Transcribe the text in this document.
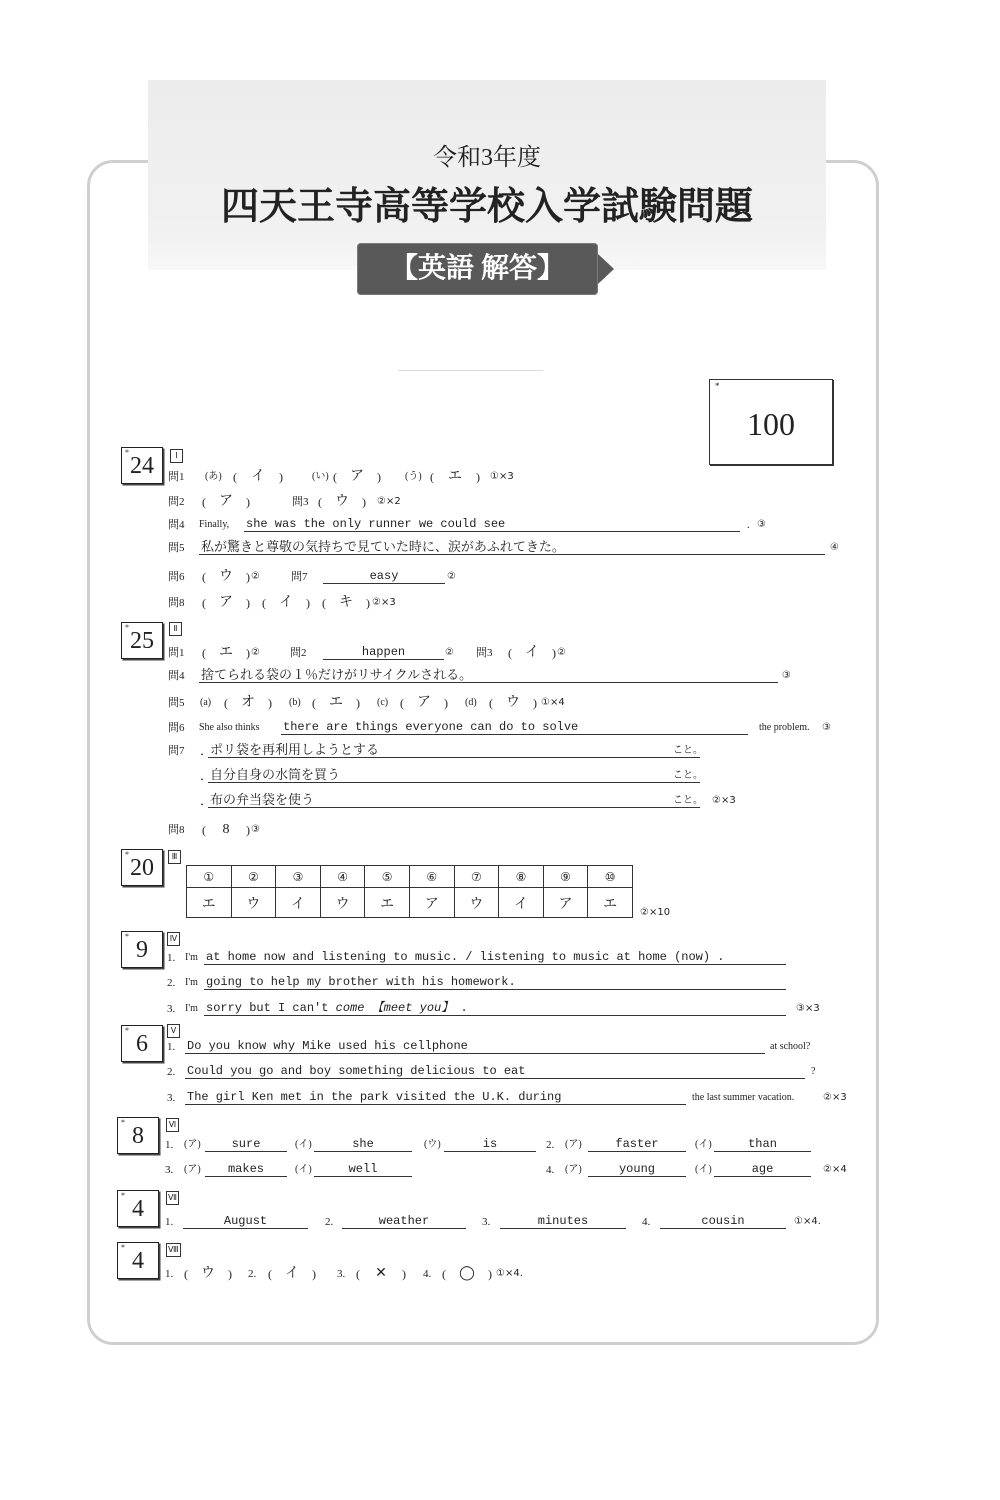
令和3年度
四天王寺高等学校入学試験問題
【英語 解答】
*
100
*
24	Ⅰ
問1 (あ)	( イ )	(い)	( ア )	(う)	( エ )	①×3
問2	( ア )	問3	( ウ )	②×2
問4 Finally, she was the only runner we could see	. ③
問5 私が驚きと尊敬の気持ちで見ていた時に、涙があふれてきた。	④
問6	( ウ )	②	問7	easy	②
問8	( ア )	( イ )	( キ )	②×3
*
25	Ⅱ
問1	( エ )	②	問2	happen	② 問3	( イ )	②
問4 捨てられる袋の１％だけがリサイクルされる。	③
問5 (a)	( オ )	(b)	( エ )	(c)	( ア )	(d)	( ウ )	①×4
問6 She also thinks there are things everyone can do to solve	the problem. ③
問7 ．
ポリ袋を再利用しようとする	こと。
．
自分自身の水筒を買う	こと。
．
布の弁当袋を使う	こと。 ②×3
問8	( 8 )	③
*
20	Ⅲ
①	②	③	④	⑤	⑥	⑦	⑧	⑨	⑩
エ	ウ	イ	ウ	エ	ア	ウ	イ	ア	エ
②×10
*
9	Ⅳ
1. I'm at home now and listening to music. / listening to music at home (now) .
2. I'm going to help my brother with his homework.
3. I'm sorry but I can't come 【meet you】 .	③×3
*
6
Ⅴ
1. Do you know why Mike used his cellphone	at school?
2. Could you go and boy something delicious to eat	?
3. The girl Ken met in the park visited the U.K. during	the last summer vacation.	②×3
*
8	Ⅵ
1. (ア)	sure	(イ)	she	(ウ)	is	2. (ア)	faster	(イ)	than
3. (ア)	makes	(イ)	well	4. (ア)	young	(イ)	age	②×4
*
4	Ⅶ
1.	August	2.	weather	3.	minutes	4.	cousin	①×4.
*
4	Ⅷ
1.	( ウ )	2.	( イ )	3.	( ✕ )	4.	( ◯ )	①×4.
